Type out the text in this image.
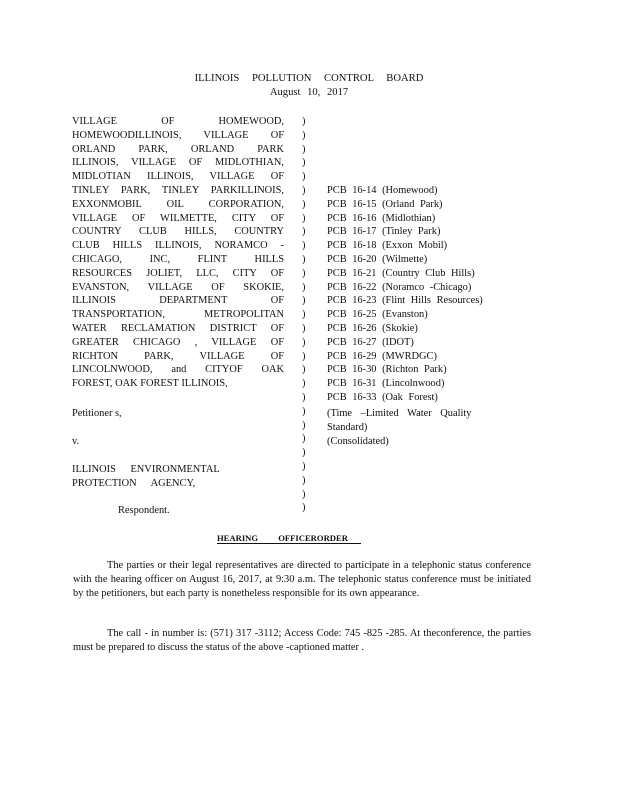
ILLINOIS POLLUTION CONTROL BOARD
August 10, 2017
VILLAGE OF HOMEWOOD,
HOMEWOODILLINOIS, VILLAGE OF
ORLAND PARK, ORLAND PARK
ILLINOIS, VILLAGE OF MIDLOTHIAN,
MIDLOTIAN ILLINOIS, VILLAGE OF
TINLEY PARK, TINLEY PARKILLINOIS,
EXXONMOBIL OIL CORPORATION,
VILLAGE OF WILMETTE, CITY OF
COUNTRY CLUB HILLS, COUNTRY
CLUB HILLS ILLINOIS, NORAMCO -
CHICAGO, INC, FLINT HILLS
RESOURCES JOLIET, LLC, CITY OF
EVANSTON, VILLAGE OF SKOKIE,
ILLINOIS DEPARTMENT OF
TRANSPORTATION, METROPOLITAN
WATER RECLAMATION DISTRICT OF
GREATER CHICAGO , VILLAGE OF
RICHTON PARK, VILLAGE OF
LINCOLNWOOD, and CITYOF OAK
FOREST, OAK FOREST ILLINOIS,
Petitioner s,
v.
ILLINOIS ENVIRONMENTAL
PROTECTION AGENCY,
Respondent.
)
)
)
)
)
)
)
)
)
)
)
)
)
)
)
)
)
)
)
)
)
)
)
)
)
)
)
)
)
PCB 16-14 (Homewood)
PCB 16-15 (Orland Park)
PCB 16-16 (Midlothian)
PCB 16-17 (Tinley Park)
PCB 16-18 (Exxon Mobil)
PCB 16-20 (Wilmette)
PCB 16-21 (Country Club Hills)
PCB 16-22 (Noramco -Chicago)
PCB 16-23 (Flint Hills Resources)
PCB 16-25 (Evanston)
PCB 16-26 (Skokie)
PCB 16-27 (IDOT)
PCB 16-29 (MWRDGC)
PCB 16-30 (Richton Park)
PCB 16-31 (Lincolnwood)
PCB 16-33 (Oak Forest)
(Time –Limited Water Quality
Standard)
(Consolidated)
HEARING OFFICERORDER

The parties or their legal representatives are directed to participate in a telephonic status conference with the hearing officer on August 16, 2017, at 9:30 a.m. The telephonic status conference must be initiated by the petitioners, but each party is nonetheless responsible for its own appearance.

The call - in number is: (571) 317 -3112; Access Code: 745 -825 -285. At theconference, the parties must be prepared to discuss the status of the above -captioned matter .
